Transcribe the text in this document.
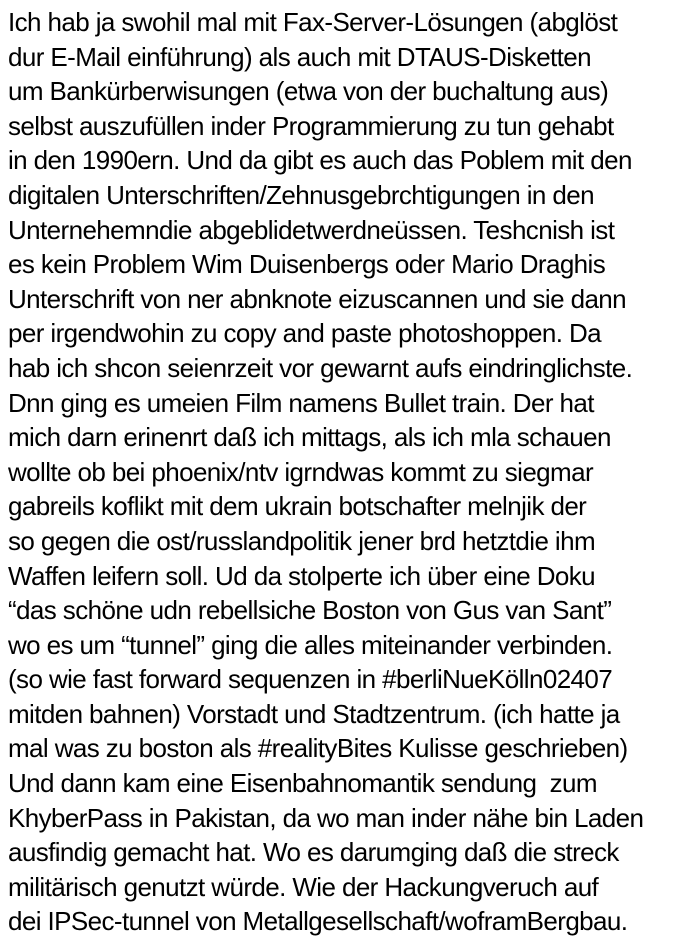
Ich hab ja swohil mal mit Fax-Server-Lösungen (abglöst
dur E-Mail einführung) als auch mit DTAUS-Disketten
um Bankürberwisungen (etwa von der buchaltung aus)
selbst auszufüllen inder Programmierung zu tun gehabt
in den 1990ern. Und da gibt es auch das Poblem mit den
digitalen Unterschriften/Zehnusgebrchtigungen in den
Unternehemndie abgeblidetwerdneüssen. Teshcnish ist
es kein Problem Wim Duisenbergs oder Mario Draghis
Unterschrift von ner abnknote eizuscannen und sie dann
per irgendwohin zu copy and paste photoshoppen. Da
hab ich shcon seienrzeit vor gewarnt aufs eindringlichste.
Dnn ging es umeien Film namens Bullet train. Der hat
mich darn erinenrt daß ich mittags, als ich mla schauen
wollte ob bei phoenix/ntv igrndwas kommt zu siegmar
gabreils koflikt mit dem ukrain botschafter melnjik der
so gegen die ost/russlandpolitik jener brd hetztdie ihm
Waffen leifern soll. Ud da stolperte ich über eine Doku
“das schöne udn rebellsiche Boston von Gus van Sant”
wo es um “tunnel” ging die alles miteinander verbinden.
(so wie fast forward sequenzen in #berliNueKölln02407
mitden bahnen) Vorstadt und Stadtzentrum. (ich hatte ja
mal was zu boston als #realityBites Kulisse geschrieben)
Und dann kam eine Eisenbahnomantik sendung  zum
KhyberPass in Pakistan, da wo man inder nähe bin Laden
ausfindig gemacht hat. Wo es darumging daß die streck
militärisch genutzt würde. Wie der Hackungveruch auf
dei IPSec-tunnel von Metallgesellschaft/woframBergbau.
